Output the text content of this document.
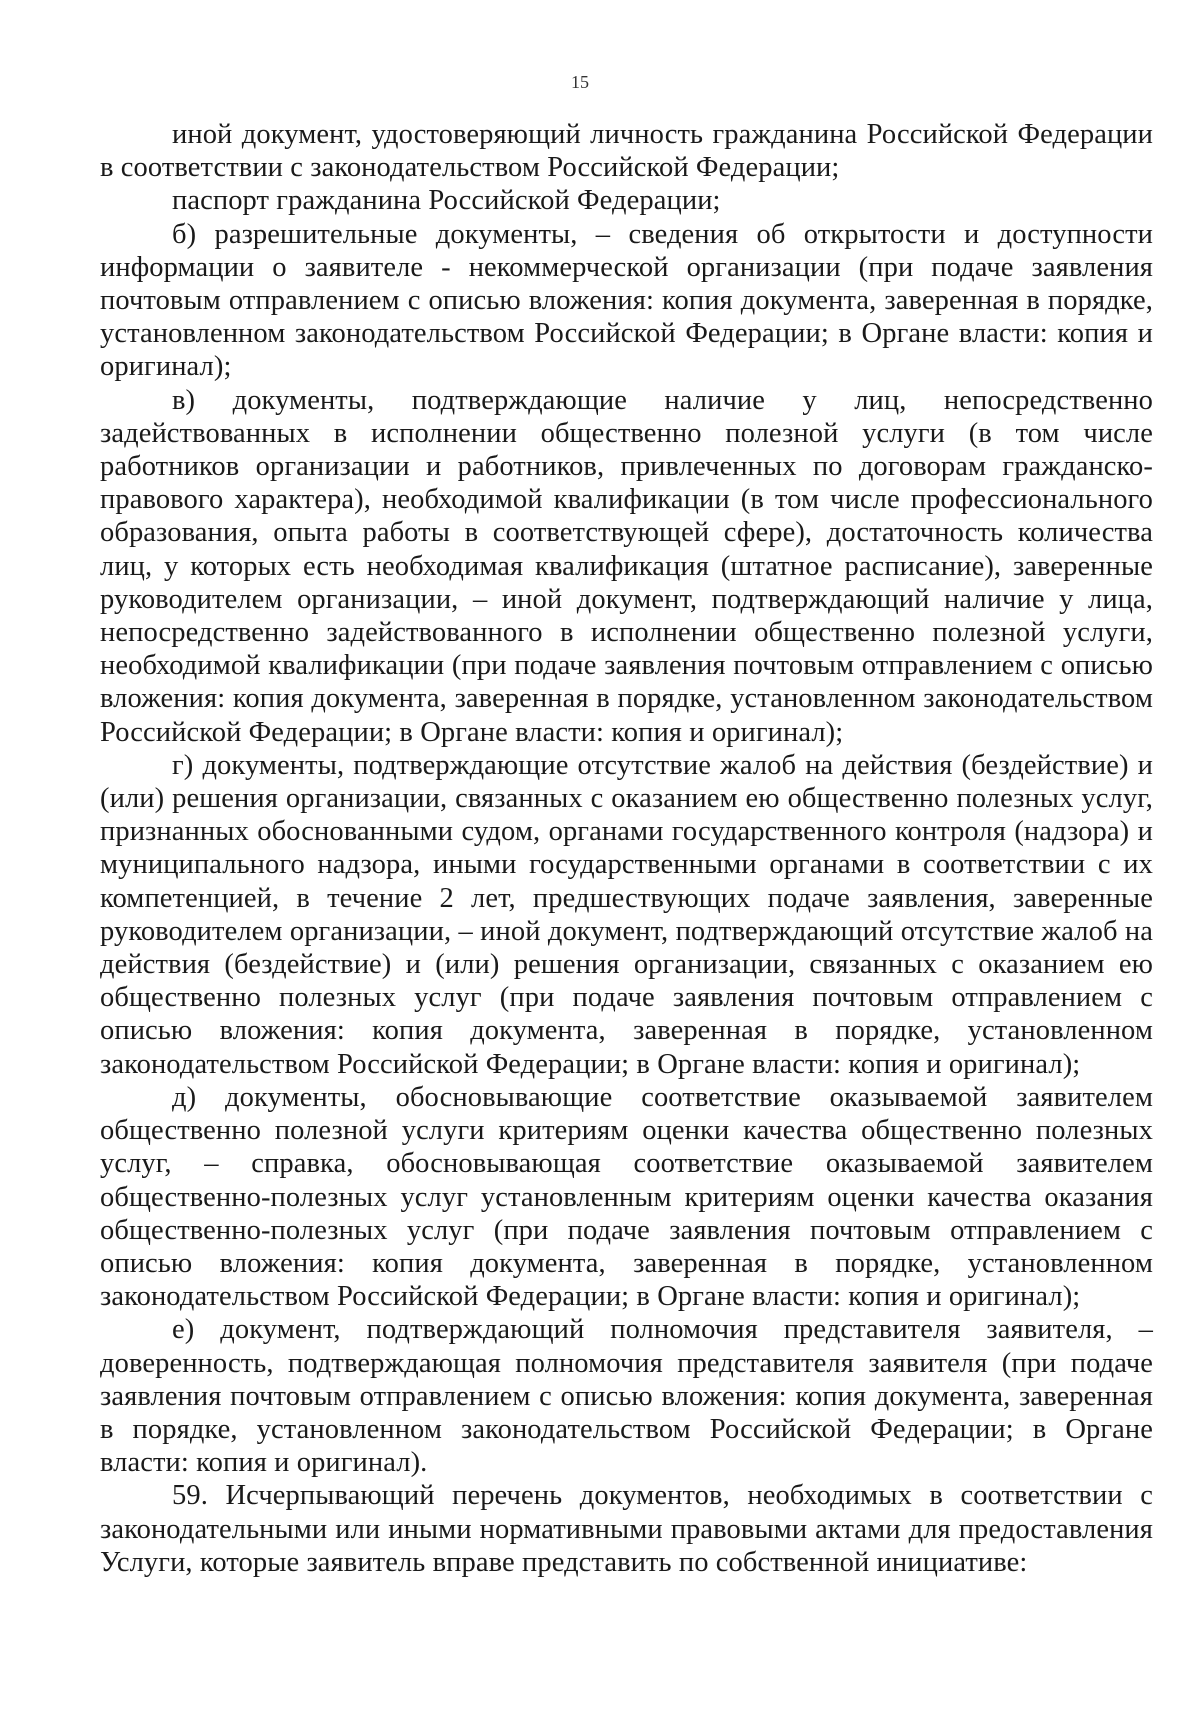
15

иной документ, удостоверяющий личность гражданина Российской Федерации в соответствии с законодательством Российской Федерации;

паспорт гражданина Российской Федерации;

б) разрешительные документы, – сведения об открытости и доступности информации о заявителе - некоммерческой организации (при подаче заявления почтовым отправлением с описью вложения: копия документа, заверенная в порядке, установленном законодательством Российской Федерации; в Органе власти: копия и оригинал);

в) документы, подтверждающие наличие у лиц, непосредственно задействованных в исполнении общественно полезной услуги (в том числе работников организации и работников, привлеченных по договорам гражданско-правового характера), необходимой квалификации (в том числе профессионального образования, опыта работы в соответствующей сфере), достаточность количества лиц, у которых есть необходимая квалификация (штатное расписание), заверенные руководителем организации, – иной документ, подтверждающий наличие у лица, непосредственно задействованного в исполнении общественно полезной услуги, необходимой квалификации (при подаче заявления почтовым отправлением с описью вложения: копия документа, заверенная в порядке, установленном законодательством Российской Федерации; в Органе власти: копия и оригинал);

г) документы, подтверждающие отсутствие жалоб на действия (бездействие) и (или) решения организации, связанных с оказанием ею общественно полезных услуг, признанных обоснованными судом, органами государственного контроля (надзора) и муниципального надзора, иными государственными органами в соответствии с их компетенцией, в течение 2 лет, предшествующих подаче заявления, заверенные руководителем организации, – иной документ, подтверждающий отсутствие жалоб на действия (бездействие) и (или) решения организации, связанных с оказанием ею общественно полезных услуг (при подаче заявления почтовым отправлением с описью вложения: копия документа, заверенная в порядке, установленном законодательством Российской Федерации; в Органе власти: копия и оригинал);

д) документы, обосновывающие соответствие оказываемой заявителем общественно полезной услуги критериям оценки качества общественно полезных услуг, – справка, обосновывающая соответствие оказываемой заявителем общественно-полезных услуг установленным критериям оценки качества оказания общественно-полезных услуг (при подаче заявления почтовым отправлением с описью вложения: копия документа, заверенная в порядке, установленном законодательством Российской Федерации; в Органе власти: копия и оригинал);

е) документ, подтверждающий полномочия представителя заявителя, – доверенность, подтверждающая полномочия представителя заявителя (при подаче заявления почтовым отправлением с описью вложения: копия документа, заверенная в порядке, установленном законодательством Российской Федерации; в Органе власти: копия и оригинал).

59. Исчерпывающий перечень документов, необходимых в соответствии с законодательными или иными нормативными правовыми актами для предоставления Услуги, которые заявитель вправе представить по собственной инициативе:
